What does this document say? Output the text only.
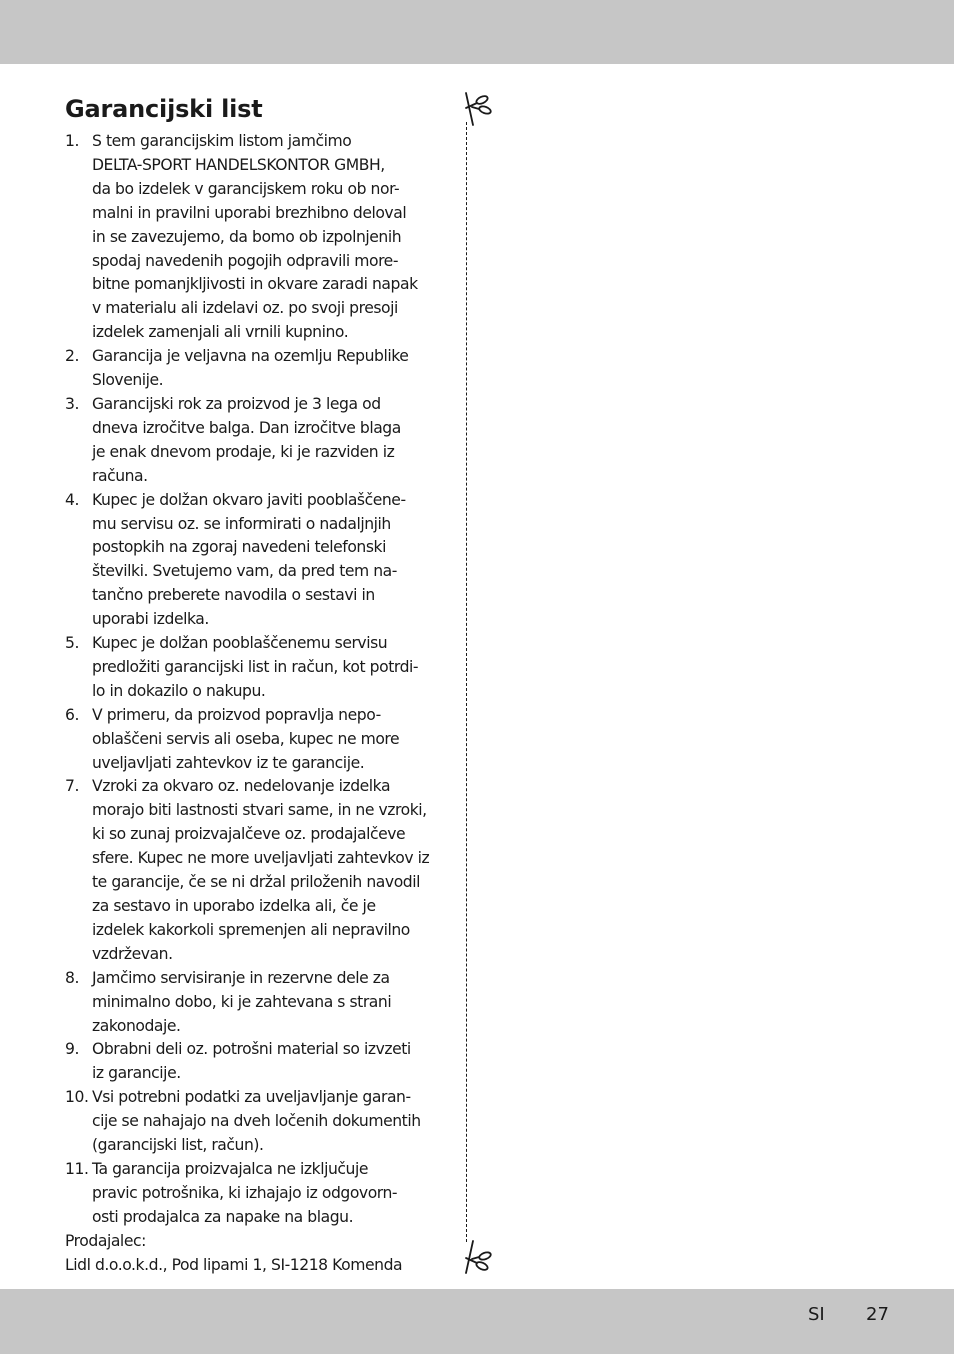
Garancijski list
1. S tem garancijskim listom jamčimo
DELTA-SPORT HANDELSKONTOR GMBH,
da bo izdelek v garancijskem roku ob nor-
malni in pravilni uporabi brezhibno deloval
in se zavezujemo, da bomo ob izpolnjenih
spodaj navedenih pogojih odpravili more-
bitne pomanjkljivosti in okvare zaradi napak
v materialu ali izdelavi oz. po svoji presoji
izdelek zamenjali ali vrnili kupnino.
2. Garancija je veljavna na ozemlju Republike
Slovenije.
3. Garancijski rok za proizvod je 3 lega od
dneva izročitve balga. Dan izročitve blaga
je enak dnevom prodaje, ki je razviden iz
računa.
4. Kupec je dolžan okvaro javiti pooblaščene-
mu servisu oz. se informirati o nadaljnjih
postopkih na zgoraj navedeni telefonski
številki. Svetujemo vam, da pred tem na-
tančno preberete navodila o sestavi in
uporabi izdelka.
5. Kupec je dolžan pooblaščenemu servisu
predložiti garancijski list in račun, kot potrdi-
lo in dokazilo o nakupu.
6. V primeru, da proizvod popravlja nepo-
oblaščeni servis ali oseba, kupec ne more
uveljavljati zahtevkov iz te garancije.
7. Vzroki za okvaro oz. nedelovanje izdelka
morajo biti lastnosti stvari same, in ne vzroki,
ki so zunaj proizvajalčeve oz. prodajalčeve
sfere. Kupec ne more uveljavljati zahtevkov iz
te garancije, če se ni držal priloženih navodil
za sestavo in uporabo izdelka ali, če je
izdelek kakorkoli spremenjen ali nepravilno
vzdrževan.
8. Jamčimo servisiranje in rezervne dele za
minimalno dobo, ki je zahtevana s strani
zakonodaje.
9. Obrabni deli oz. potrošni material so izvzeti
iz garancije.
10. Vsi potrebni podatki za uveljavljanje garan-
cije se nahajajo na dveh ločenih dokumentih
(garancijski list, račun).
11. Ta garancija proizvajalca ne izključuje
pravic potrošnika, ki izhajajo iz odgovorn-
osti prodajalca za napake na blagu.

Prodajalec:

Lidl d.o.o.k.d., Pod lipami 1, SI-1218 Komenda

SI 27
